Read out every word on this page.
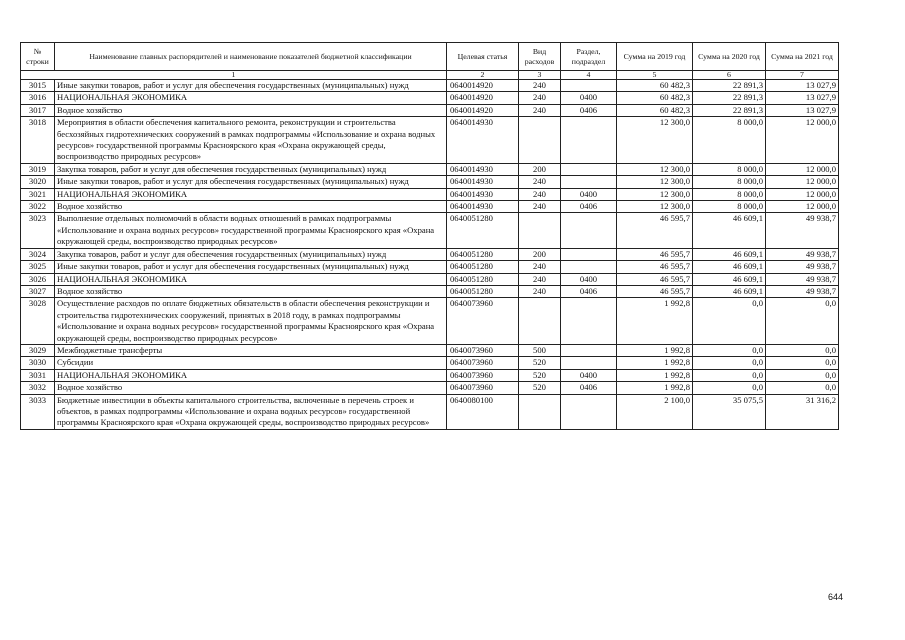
№ строки	Наименование главных распорядителей и наименование показателей бюджетной классификации	Целевая статья	Вид расходов	Раздел, подраздел	Сумма на 2019 год	Сумма на 2020 год	Сумма на 2021 год
1		2	3	4	5	6	7
3015	Иные закупки товаров, работ и услуг для обеспечения государственных (муниципальных) нужд	0640014920	240		60 482,3	22 891,3	13 027,9
3016	НАЦИОНАЛЬНАЯ ЭКОНОМИКА	0640014920	240	0400	60 482,3	22 891,3	13 027,9
3017	Водное хозяйство	0640014920	240	0406	60 482,3	22 891,3	13 027,9
3018	Мероприятия в области обеспечения капитального ремонта, реконструкции и строительства бесхозяйных гидротехнических сооружений в рамках подпрограммы «Использование и охрана водных ресурсов» государственной программы Красноярского края «Охрана окружающей среды, воспроизводство природных ресурсов»	0640014930			12 300,0	8 000,0	12 000,0
3019	Закупка товаров, работ и услуг для обеспечения государственных (муниципальных) нужд	0640014930	200		12 300,0	8 000,0	12 000,0
3020	Иные закупки товаров, работ и услуг для обеспечения государственных (муниципальных) нужд	0640014930	240		12 300,0	8 000,0	12 000,0
3021	НАЦИОНАЛЬНАЯ ЭКОНОМИКА	0640014930	240	0400	12 300,0	8 000,0	12 000,0
3022	Водное хозяйство	0640014930	240	0406	12 300,0	8 000,0	12 000,0
3023	Выполнение отдельных полномочий в области водных отношений в рамках подпрограммы «Использование и охрана водных ресурсов» государственной программы Красноярского края «Охрана окружающей среды, воспроизводство природных ресурсов»	0640051280			46 595,7	46 609,1	49 938,7
3024	Закупка товаров, работ и услуг для обеспечения государственных (муниципальных) нужд	0640051280	200		46 595,7	46 609,1	49 938,7
3025	Иные закупки товаров, работ и услуг для обеспечения государственных (муниципальных) нужд	0640051280	240		46 595,7	46 609,1	49 938,7
3026	НАЦИОНАЛЬНАЯ ЭКОНОМИКА	0640051280	240	0400	46 595,7	46 609,1	49 938,7
3027	Водное хозяйство	0640051280	240	0406	46 595,7	46 609,1	49 938,7
3028	Осуществление расходов по оплате бюджетных обязательств в области обеспечения реконструкции и строительства гидротехнических сооружений, принятых в 2018 году, в рамках подпрограммы «Использование и охрана водных ресурсов» государственной программы Красноярского края «Охрана окружающей среды, воспроизводство природных ресурсов»	0640073960			1 992,8	0,0	0,0
3029	Межбюджетные трансферты	0640073960	500		1 992,8	0,0	0,0
3030	Субсидии	0640073960	520		1 992,8	0,0	0,0
3031	НАЦИОНАЛЬНАЯ ЭКОНОМИКА	0640073960	520	0400	1 992,8	0,0	0,0
3032	Водное хозяйство	0640073960	520	0406	1 992,8	0,0	0,0
3033	Бюджетные инвестиции в объекты капитального строительства, включенные в перечень строек и объектов, в рамках подпрограммы «Использование и охрана водных ресурсов» государственной программы Красноярского края «Охрана окружающей среды, воспроизводство природных ресурсов»	0640080100			2 100,0	35 075,5	31 316,2
644
